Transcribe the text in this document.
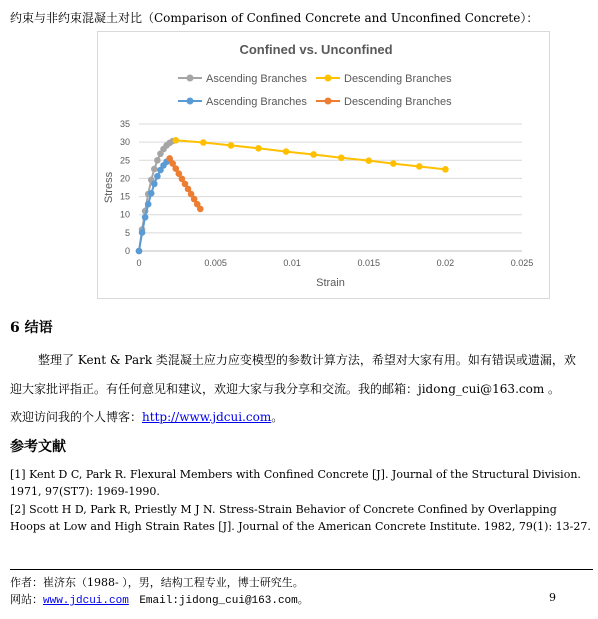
约束与非约束混凝土对比（Comparison of Confined Concrete and Unconfined Concrete）：
Confined vs. Unconfined
0
5
10
15
20
25
30
35
0	0.005	0.01	0.015	0.02	0.025
Strain
Stress
Ascending Branches	Descending Branches
Ascending Branches	Descending Branches
6 结语
整理了 Kent & Park 类混凝土应力应变模型的参数计算方法，希望对大家有用。如有错误或遗漏，欢
迎大家批评指正。有任何意见和建议，欢迎大家与我分享和交流。我的邮箱：jidong_cui@163.com 。
欢迎访问我的个人博客：http://www.jdcui.com。
参考文献
[1] Kent D C, Park R. Flexural Members with Confined Concrete [J]. Journal of the Structural Division. 1971, 97(ST7): 1969-1990.
[2] Scott H D, Park R, Priestly M J N. Stress-Strain Behavior of Concrete Confined by Overlapping Hoops at Low and High Strain Rates [J]. Journal of the American Concrete Institute. 1982, 79(1): 13-27.
作者：崔济东（1988- ），男，结构工程专业，博士研究生。
网站：www.jdcui.com Email:jidong_cui@163.com。	9
